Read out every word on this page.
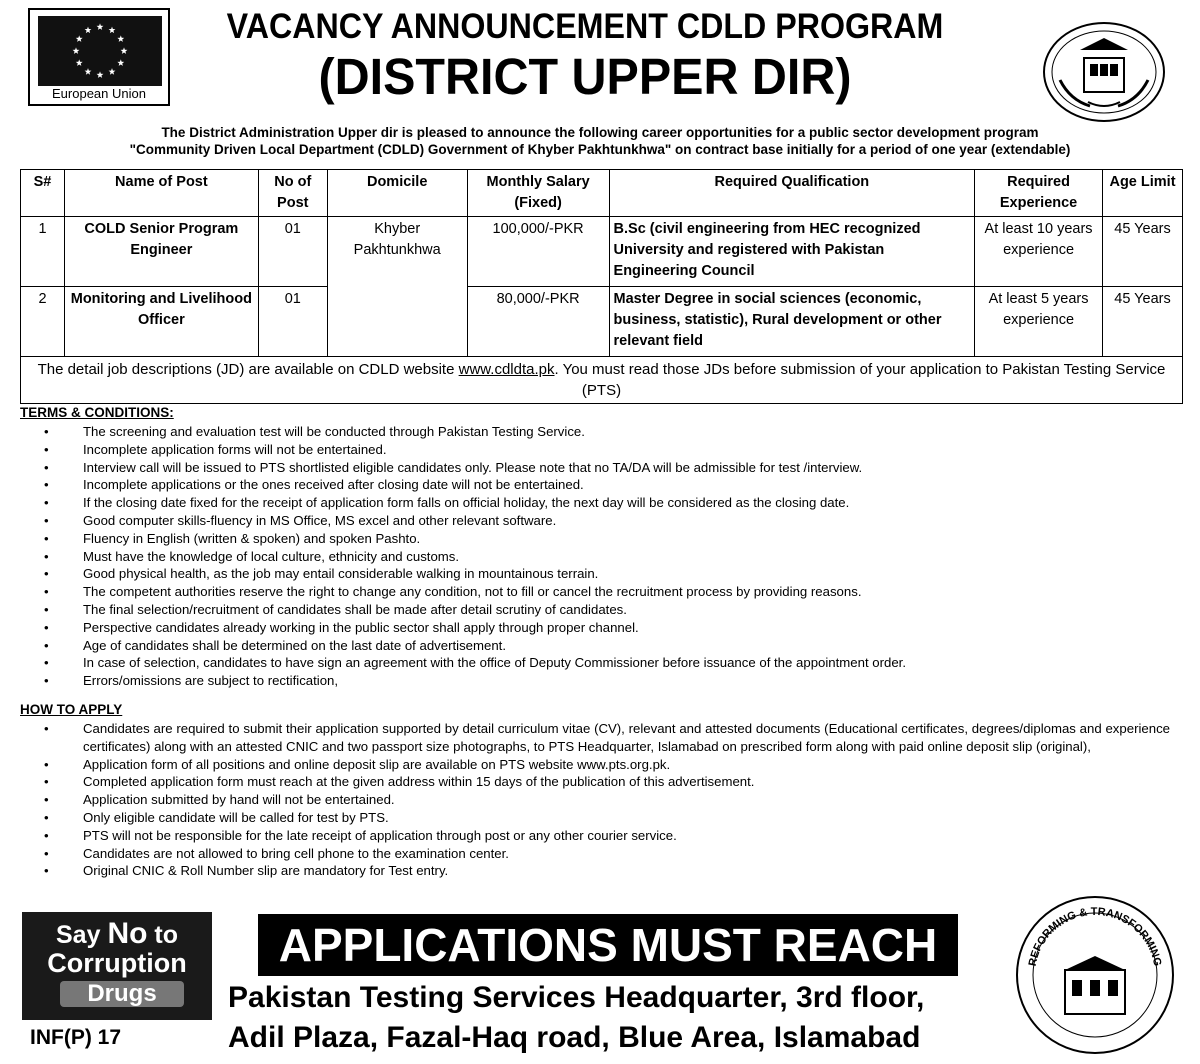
European Union
VACANCY ANNOUNCEMENT CDLD PROGRAM
(DISTRICT UPPER DIR)
The District Administration Upper dir is pleased to announce the following career opportunities for a public sector development program
"Community Driven Local Department (CDLD) Government of Khyber Pakhtunkhwa" on contract base initially for a period of one year (extendable)
S#	Name of Post	No of Post	Domicile	Monthly Salary (Fixed)	Required Qualification	Required Experience	Age Limit
1	COLD Senior Program Engineer	01	Khyber Pakhtunkhwa	100,000/-PKR	B.Sc (civil engineering from HEC recognized University and registered with Pakistan Engineering Council	At least 10 years experience	45 Years
2	Monitoring and Livelihood Officer	01		80,000/-PKR	Master Degree in social sciences (economic, business, statistic), Rural development or other relevant field	At least 5 years experience	45 Years
The detail job descriptions (JD) are available on CDLD website www.cdldta.pk. You must read those JDs before submission of your application to Pakistan Testing Service (PTS)							
TERMS & CONDITIONS:
• The screening and evaluation test will be conducted through Pakistan Testing Service.
• Incomplete application forms will not be entertained.
• Interview call will be issued to PTS shortlisted eligible candidates only. Please note that no TA/DA will be admissible for test /interview.
• Incomplete applications or the ones received after closing date will not be entertained.
• If the closing date fixed for the receipt of application form falls on official holiday, the next day will be considered as the closing date.
• Good computer skills-fluency in MS Office, MS excel and other relevant software.
• Fluency in English (written & spoken) and spoken Pashto.
• Must have the knowledge of local culture, ethnicity and customs.
• Good physical health, as the job may entail considerable walking in mountainous terrain.
• The competent authorities reserve the right to change any condition, not to fill or cancel the recruitment process by providing reasons.
• The final selection/recruitment of candidates shall be made after detail scrutiny of candidates.
• Perspective candidates already working in the public sector shall apply through proper channel.
• Age of candidates shall be determined on the last date of advertisement.
• In case of selection, candidates to have sign an agreement with the office of Deputy Commissioner before issuance of the appointment order.
• Errors/omissions are subject to rectification,
HOW TO APPLY
• Candidates are required to submit their application supported by detail curriculum vitae (CV), relevant and attested documents (Educational certificates, degrees/diplomas and experience certificates) along with an attested CNIC and two passport size photographs, to PTS Headquarter, Islamabad on prescribed form along with paid online deposit slip (original),
• Application form of all positions and online deposit slip are available on PTS website www.pts.org.pk.
• Completed application form must reach at the given address within 15 days of the publication of this advertisement.
• Application submitted by hand will not be entertained.
• Only eligible candidate will be called for test by PTS.
• PTS will not be responsible for the late receipt of application through post or any other courier service.
• Candidates are not allowed to bring cell phone to the examination center.
• Original CNIC & Roll Number slip are mandatory for Test entry.
Say No to
Corruption
Drugs
INF(P) 17
APPLICATIONS MUST REACH
Pakistan Testing Services Headquarter, 3rd floor,
Adil Plaza, Fazal-Haq road, Blue Area, Islamabad
REFORMING & TRANSFORMING
